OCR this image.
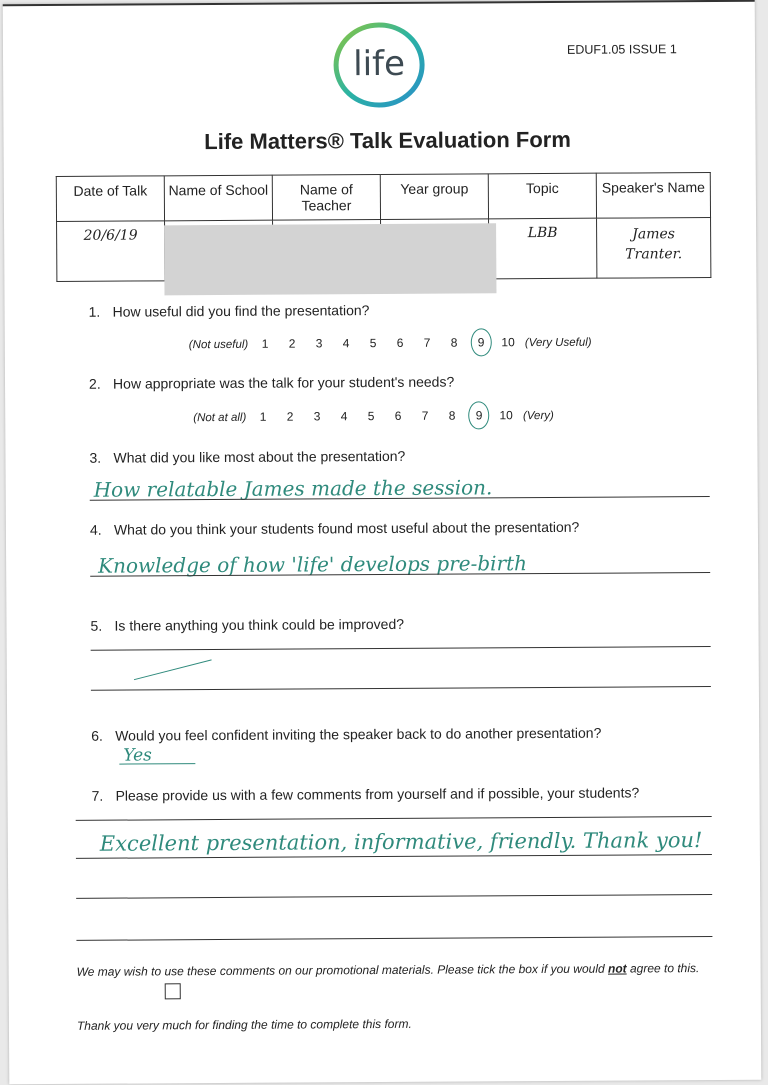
life	EDUF1.05 ISSUE 1
Life Matters® Talk Evaluation Form
Date of Talk	Name of School	Name of Teacher	Year group	Topic	Speaker's Name
20/6/19				LBB	James
Tranter.
1. How useful did you find the presentation?
(Not useful) 1 2 3 4 5 6 7 8 9 10 (Very Useful)
2. How appropriate was the talk for your student's needs?
(Not at all) 1 2 3 4 5 6 7 8 9 10 (Very)
3. What did you like most about the presentation?
How relatable James made the session.
4. What do you think your students found most useful about the presentation?
Knowledge of how 'life' develops pre-birth
5. Is there anything you think could be improved?
6. Would you feel confident inviting the speaker back to do another presentation?
Yes
7. Please provide us with a few comments from yourself and if possible, your students?
Excellent presentation, informative, friendly. Thank you!
We may wish to use these comments on our promotional materials. Please tick the box if you would not agree to this.
Thank you very much for finding the time to complete this form.
